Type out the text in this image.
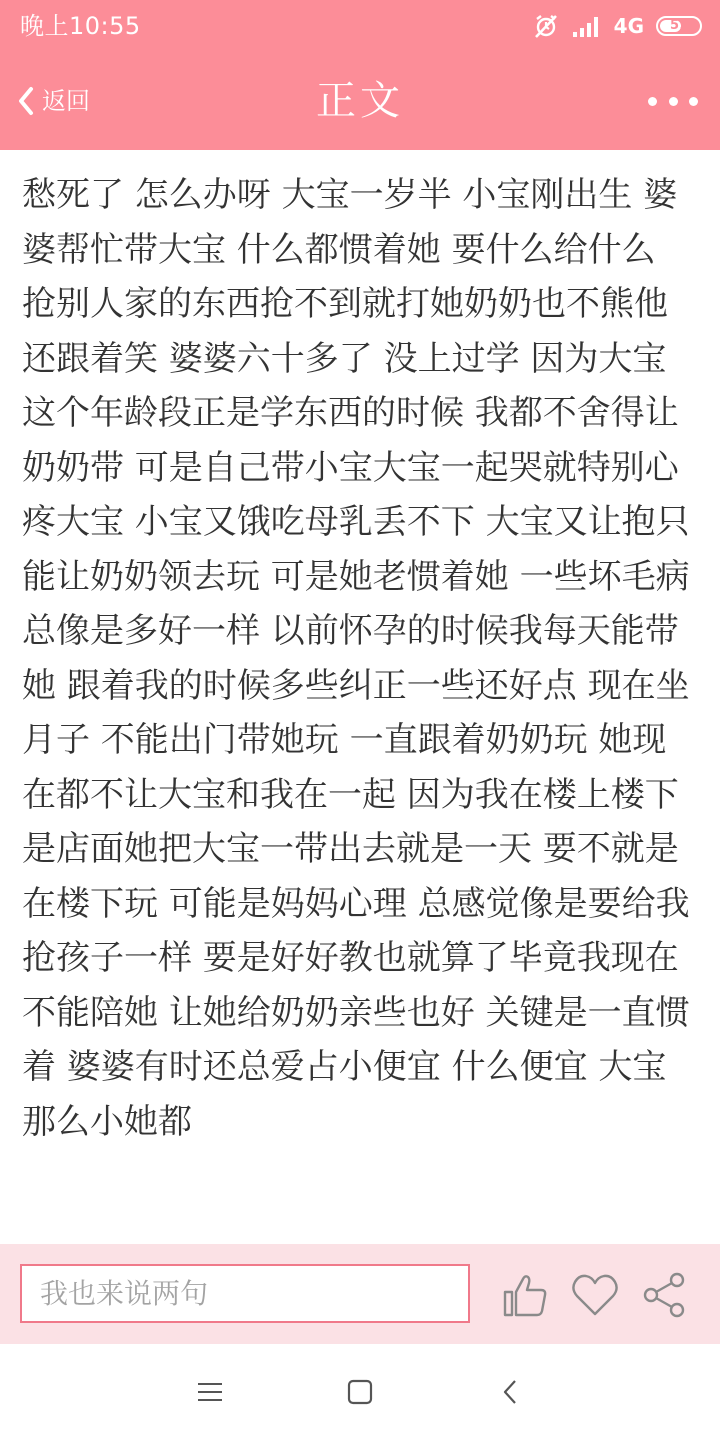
晚上10:55	4G 51
返回	正文

愁死了 怎么办呀 大宝一岁半 小宝刚出生 婆婆帮忙带大宝 什么都惯着她 要什么给什么 抢别人家的东西抢不到就打她奶奶也不熊他 还跟着笑 婆婆六十多了 没上过学 因为大宝这个年龄段正是学东西的时候 我都不舍得让奶奶带 可是自己带小宝大宝一起哭就特别心疼大宝 小宝又饿吃母乳丢不下 大宝又让抱只能让奶奶领去玩 可是她老惯着她 一些坏毛病总像是多好一样 以前怀孕的时候我每天能带她 跟着我的时候多些纠正一些还好点 现在坐月子 不能出门带她玩 一直跟着奶奶玩 她现在都不让大宝和我在一起 因为我在楼上楼下是店面她把大宝一带出去就是一天 要不就是在楼下玩 可能是妈妈心理 总感觉像是要给我抢孩子一样 要是好好教也就算了毕竟我现在不能陪她 让她给奶奶亲些也好 关键是一直惯着 婆婆有时还总爱占小便宜 什么便宜 大宝那么小她都

我也来说两句
